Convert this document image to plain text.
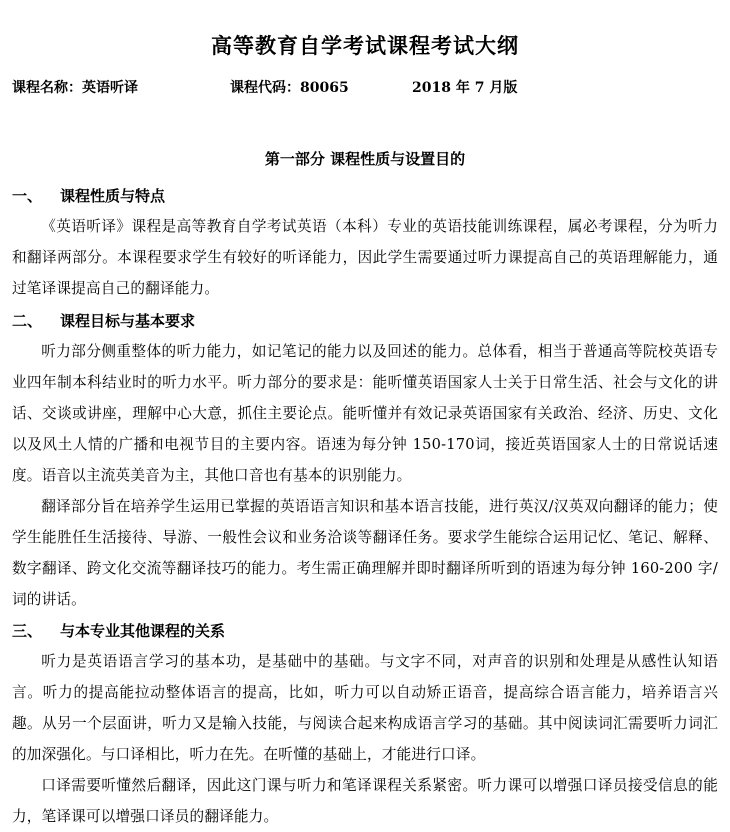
高等教育自学考试课程考试大纲
课程名称：英语听译	课程代码：80065	2018 年 7 月版
第一部分 课程性质与设置目的
一、 课程性质与特点
《英语听译》课程是高等教育自学考试英语（本科）专业的英语技能训练课程，属必考课程，分为听力和翻译两部分。本课程要求学生有较好的听译能力，因此学生需要通过听力课提高自己的英语理解能力，通过笔译课提高自己的翻译能力。
二、 课程目标与基本要求
听力部分侧重整体的听力能力，如记笔记的能力以及回述的能力。总体看，相当于普通高等院校英语专业四年制本科结业时的听力水平。听力部分的要求是：能听懂英语国家人士关于日常生活、社会与文化的讲话、交谈或讲座，理解中心大意，抓住主要论点。能听懂并有效记录英语国家有关政治、经济、历史、文化以及风土人情的广播和电视节目的主要内容。语速为每分钟 150-170词，接近英语国家人士的日常说话速度。语音以主流英美音为主，其他口音也有基本的识别能力。
翻译部分旨在培养学生运用已掌握的英语语言知识和基本语言技能，进行英汉/汉英双向翻译的能力；使学生能胜任生活接待、导游、一般性会议和业务洽谈等翻译任务。要求学生能综合运用记忆、笔记、解释、数字翻译、跨文化交流等翻译技巧的能力。考生需正确理解并即时翻译所听到的语速为每分钟 160-200 字/词的讲话。
三、 与本专业其他课程的关系
听力是英语语言学习的基本功，是基础中的基础。与文字不同，对声音的识别和处理是从感性认知语言。听力的提高能拉动整体语言的提高，比如，听力可以自动矫正语音，提高综合语言能力，培养语言兴趣。从另一个层面讲，听力又是输入技能，与阅读合起来构成语言学习的基础。其中阅读词汇需要听力词汇的加深强化。与口译相比，听力在先。在听懂的基础上，才能进行口译。
口译需要听懂然后翻译，因此这门课与听力和笔译课程关系紧密。听力课可以增强口译员接受信息的能力，笔译课可以增强口译员的翻译能力。
